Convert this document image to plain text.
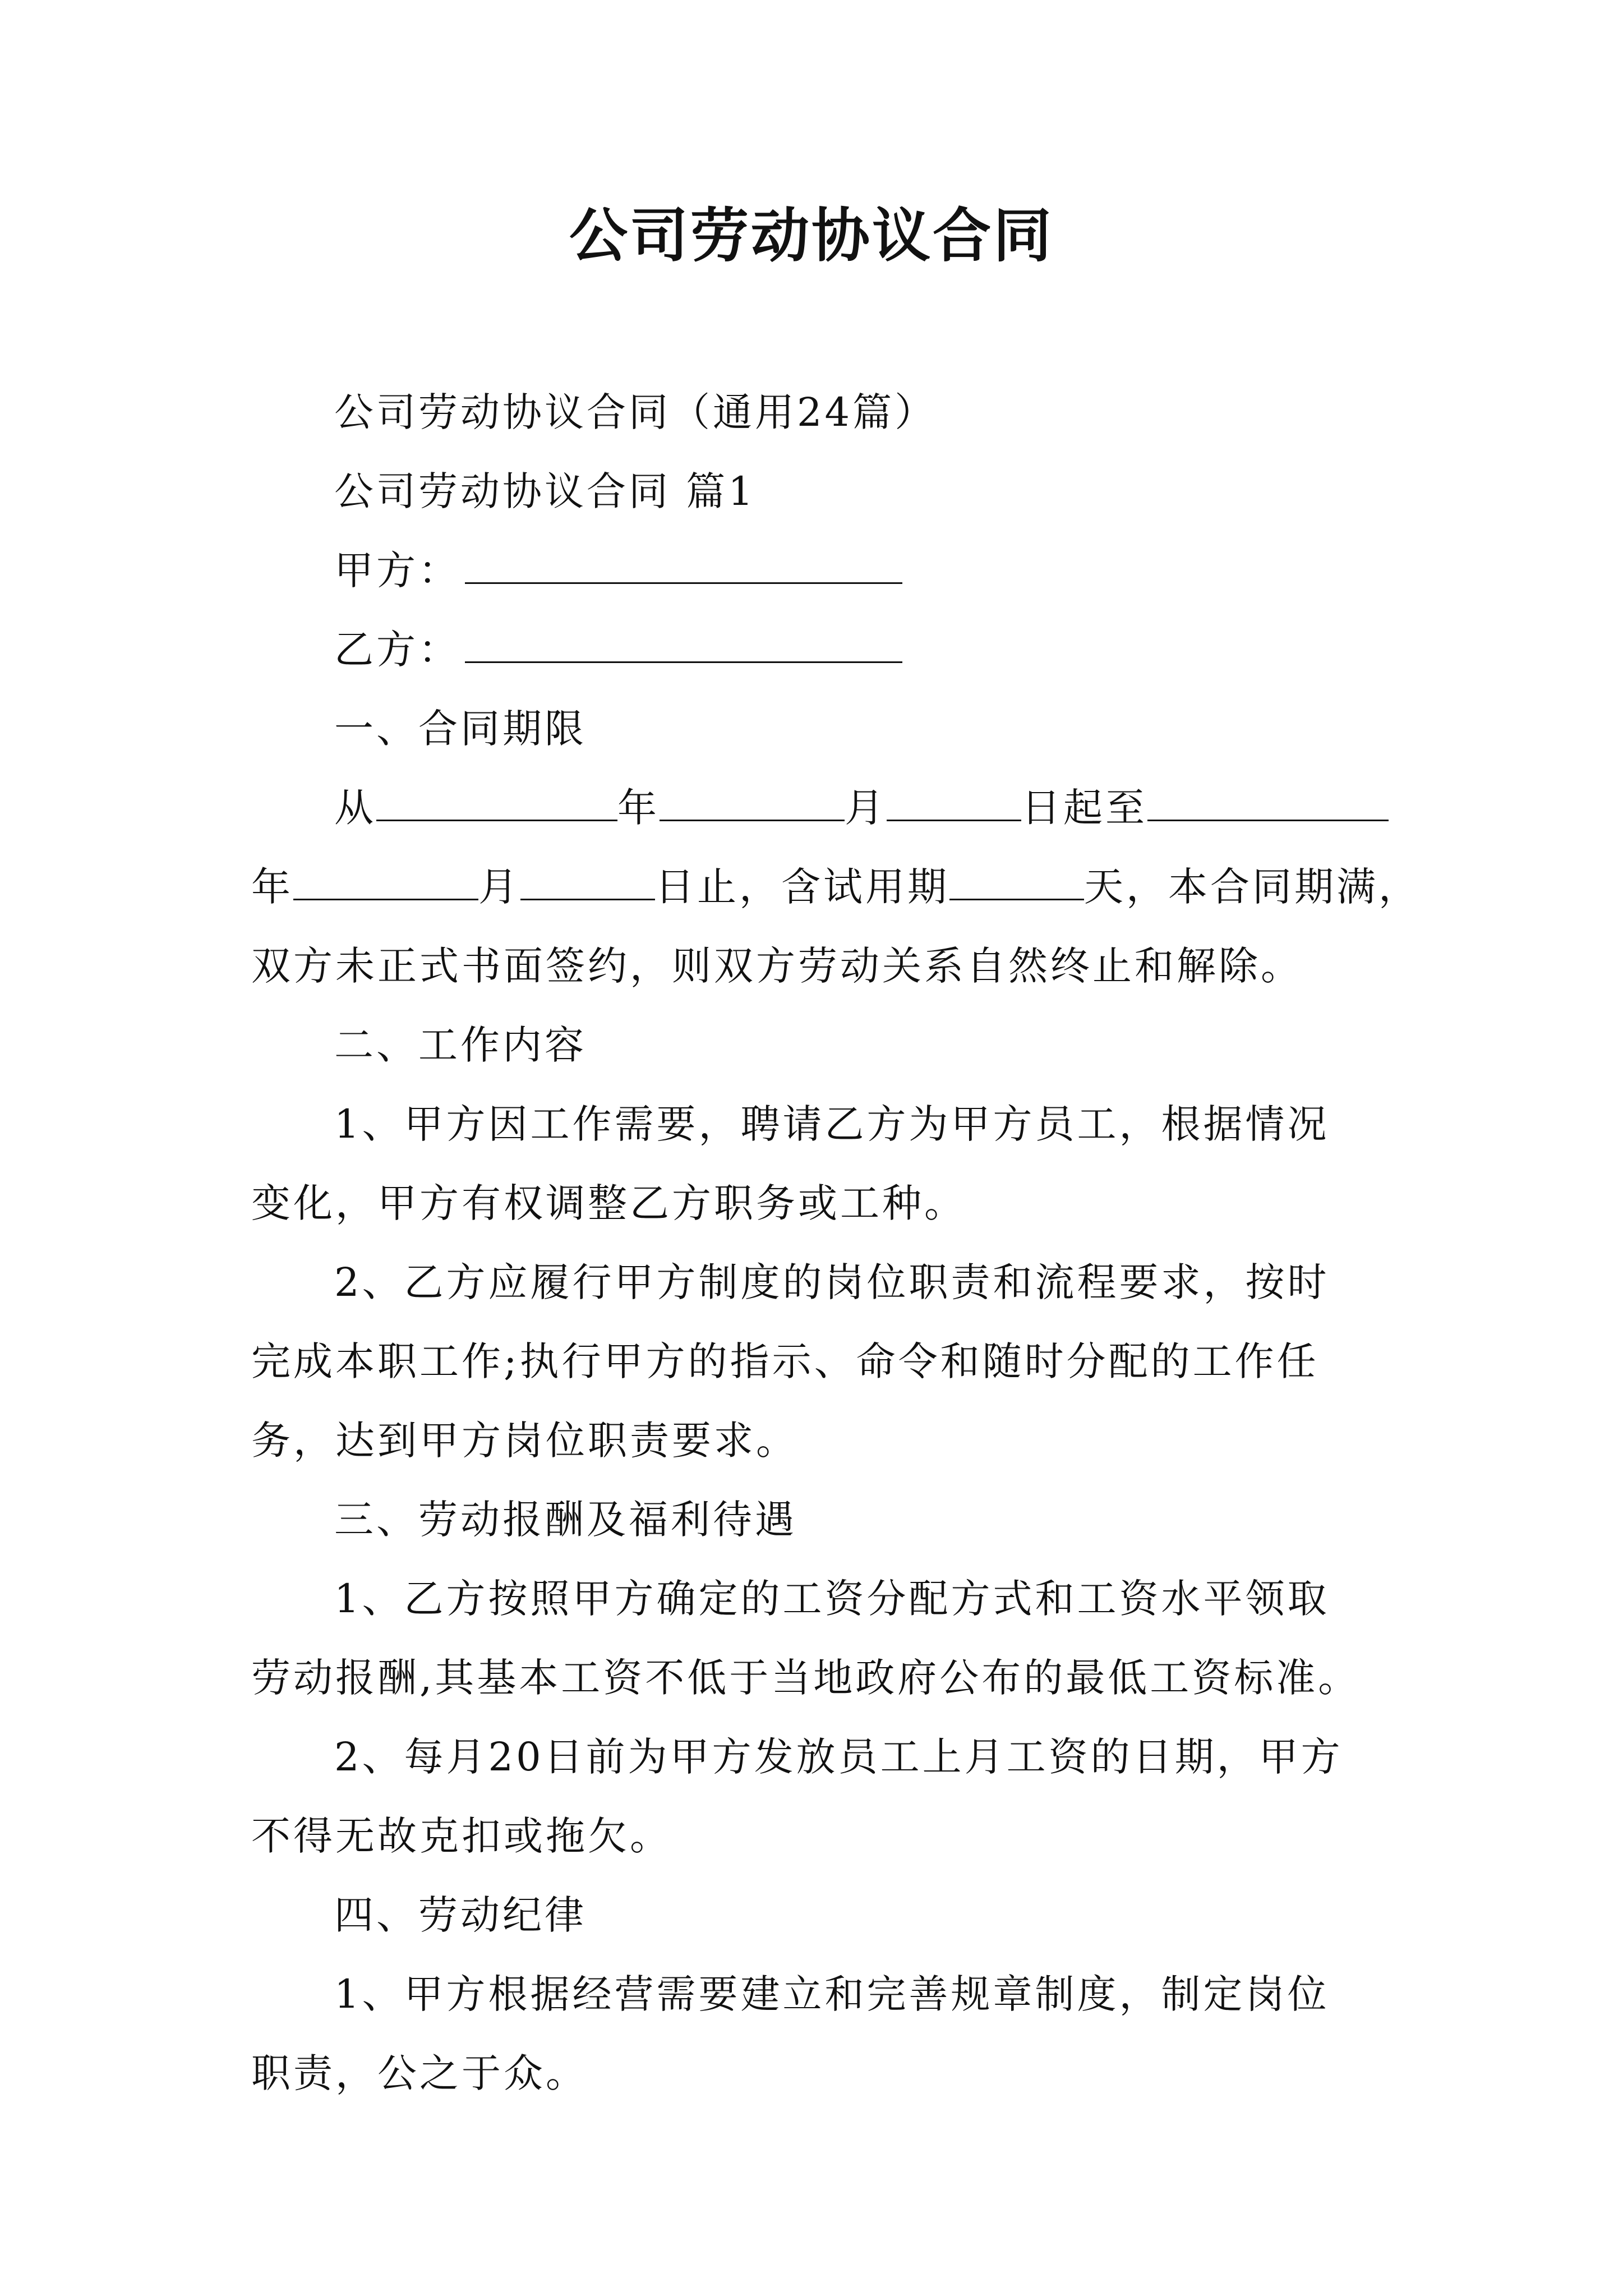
公司劳动协议合同
公司劳动协议合同（通用24篇）
公司劳动协议合同 篇1
甲方：
乙方：
一、合同期限
从	年	月	日起至
年	月	日止，含试用期	天，本合同期满，
双方未正式书面签约，则双方劳动关系自然终止和解除。
二、工作内容
1、甲方因工作需要，聘请乙方为甲方员工，根据情况
变化，甲方有权调整乙方职务或工种。
2、乙方应履行甲方制度的岗位职责和流程要求，按时
完成本职工作;执行甲方的指示、命令和随时分配的工作任
务，达到甲方岗位职责要求。
三、劳动报酬及福利待遇
1、乙方按照甲方确定的工资分配方式和工资水平领取
劳动报酬,其基本工资不低于当地政府公布的最低工资标准。
2、每月20日前为甲方发放员工上月工资的日期，甲方
不得无故克扣或拖欠。
四、劳动纪律
1、甲方根据经营需要建立和完善规章制度，制定岗位
职责，公之于众。
